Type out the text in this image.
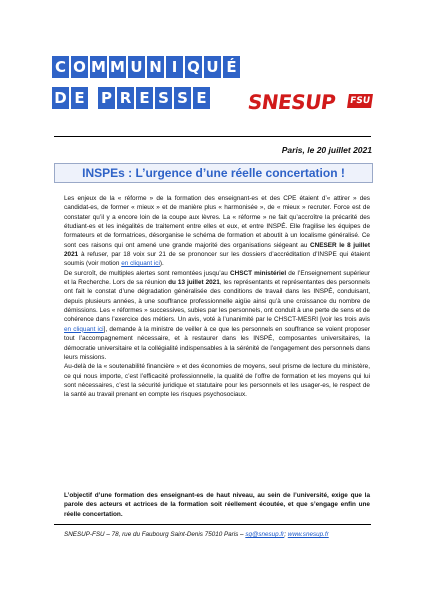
C O M M U N I Q U É
D E P R E S S E SNESUP FSU
Paris, le 20 juillet 2021
INSPEs : L’urgence d’une réelle concertation !

Les enjeux de la « réforme » de la formation des enseignant-es et des CPE étaient d’« attirer » des candidat-es, de former « mieux » et de manière plus « harmonisée », de « mieux » recruter. Force est de constater qu’il y a encore loin de la coupe aux lèvres. La « réforme » ne fait qu’accroître la précarité des étudiant-es et les inégalités de traitement entre elles et eux, et entre INSPÉ. Elle fragilise les équipes de formateurs et de formatrices, désorganise le schéma de formation et aboutit à un localisme généralisé. Ce sont ces raisons qui ont amené une grande majorité des organisations siégeant au CNESER le 8 juillet 2021 à refuser, par 18 voix sur 21 de se prononcer sur les dossiers d’accréditation d’INSPE qui étaient soumis (voir motion en cliquant ici).

De surcroît, de multiples alertes sont remontées jusqu’au CHSCT ministériel de l’Enseignement supérieur et la Recherche. Lors de sa réunion du 13 juillet 2021, les représentants et représentantes des personnels ont fait le constat d’une dégradation généralisée des conditions de travail dans les INSPÉ, conduisant, depuis plusieurs années, à une souffrance professionnelle aigüe ainsi qu’à une croissance du nombre de démissions. Les « réformes » successives, subies par les personnels, ont conduit à une perte de sens et de cohérence dans l’exercice des métiers. Un avis, voté à l’unanimité par le CHSCT-MESRI [voir les trois avis en cliquant ici], demande à la ministre de veiller à ce que les personnels en souffrance se voient proposer tout l’accompagnement nécessaire, et à restaurer dans les INSPÉ, composantes universitaires, la démocratie universitaire et la collégialité indispensables à la sérénité de l’engagement des personnels dans leurs missions.

Au-delà de la « soutenabilité financière » et des économies de moyens, seul prisme de lecture du ministère, ce qui nous importe, c’est l’efficacité professionnelle, la qualité de l’offre de formation et les moyens qui lui sont nécessaires, c’est la sécurité juridique et statutaire pour les personnels et les usager-es, le respect de la santé au travail prenant en compte les risques psychosociaux.

L’objectif d’une formation des enseignant-es de haut niveau, au sein de l’université, exige que la parole des acteurs et actrices de la formation soit réellement écoutée, et que s’engage enfin une réelle concertation.
SNESUP-FSU – 78, rue du Faubourg Saint-Denis 75010 Paris – sg@snesup.fr; www.snesup.fr
